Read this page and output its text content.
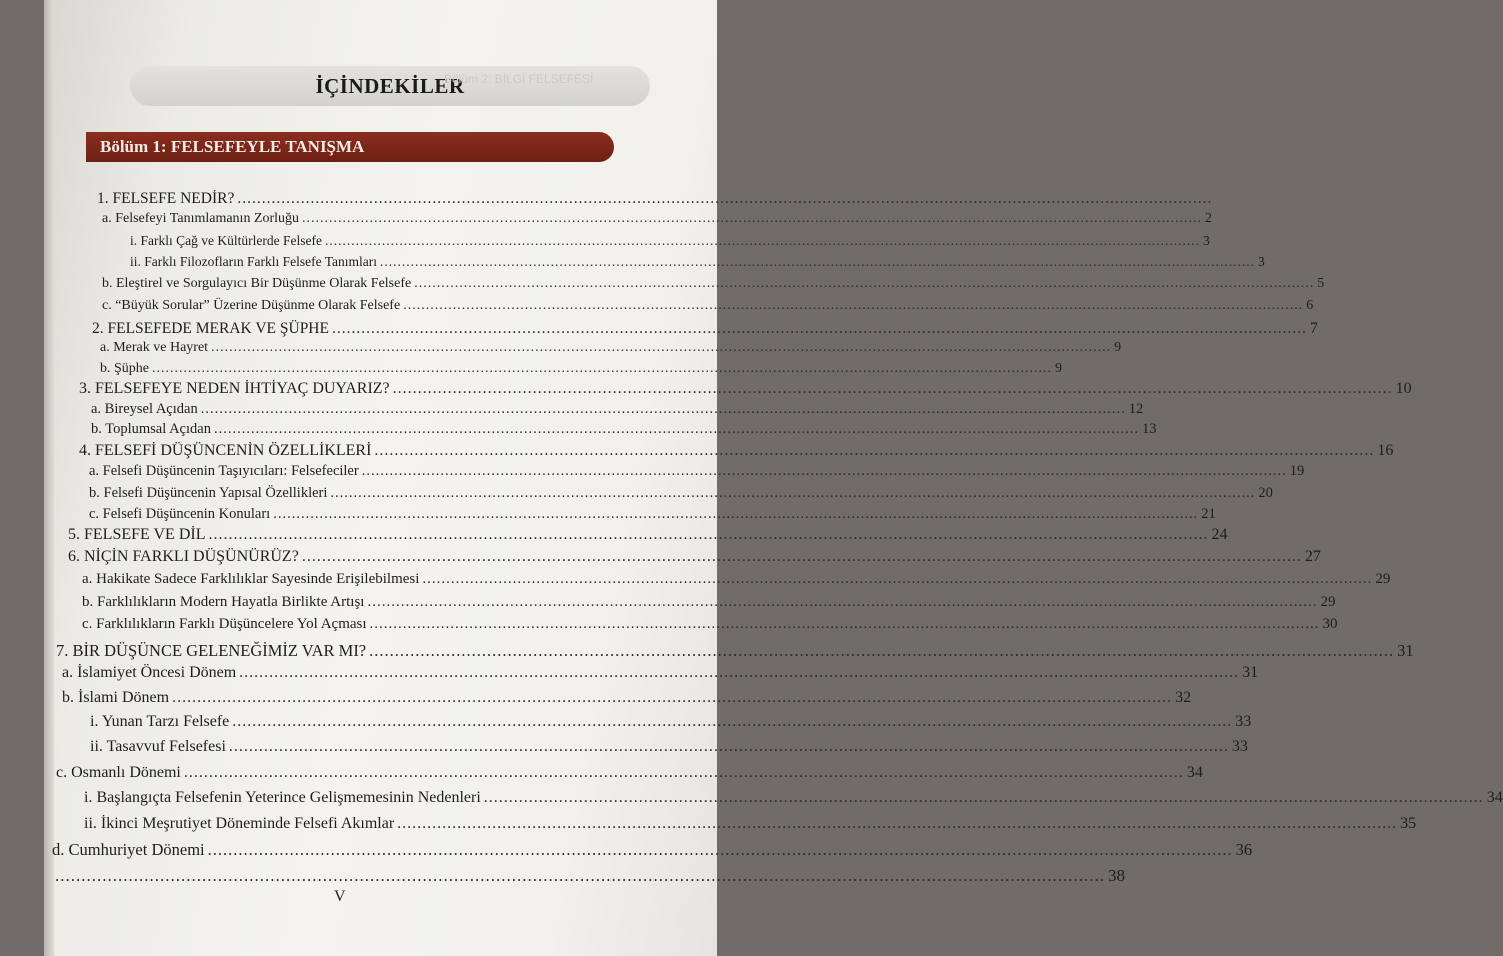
İÇİNDEKİLER
Bölüm 2: BİLGİ FELSEFESİ
Bölüm 1: FELSEFEYLE TANIŞMA
1. FELSEFE NEDİR? ........................................................................................................................................................................................................
a. Felsefeyi Tanımlamanın Zorluğu ........................................................................................................................................................................................................ 2
i. Farklı Çağ ve Kültürlerde Felsefe ........................................................................................................................................................................................................ 3
ii. Farklı Filozofların Farklı Felsefe Tanımları ........................................................................................................................................................................................................ 3
b. Eleştirel ve Sorgulayıcı Bir Düşünme Olarak Felsefe ........................................................................................................................................................................................................ 5
c. “Büyük Sorular” Üzerine Düşünme Olarak Felsefe ........................................................................................................................................................................................................ 6
2. FELSEFEDE MERAK VE ŞÜPHE ........................................................................................................................................................................................................ 7
a. Merak ve Hayret ........................................................................................................................................................................................................ 9
b. Şüphe ........................................................................................................................................................................................................ 9
3. FELSEFEYE NEDEN İHTİYAÇ DUYARIZ? ........................................................................................................................................................................................................ 10
a. Bireysel Açıdan ........................................................................................................................................................................................................ 12
b. Toplumsal Açıdan ........................................................................................................................................................................................................ 13
4. FELSEFİ DÜŞÜNCENİN ÖZELLİKLERİ ........................................................................................................................................................................................................ 16
a. Felsefi Düşüncenin Taşıyıcıları: Felsefeciler ........................................................................................................................................................................................................ 19
b. Felsefi Düşüncenin Yapısal Özellikleri ........................................................................................................................................................................................................ 20
c. Felsefi Düşüncenin Konuları ........................................................................................................................................................................................................ 21
5. FELSEFE VE DİL ........................................................................................................................................................................................................ 24
6. NİÇİN FARKLI DÜŞÜNÜRÜZ? ........................................................................................................................................................................................................ 27
a. Hakikate Sadece Farklılıklar Sayesinde Erişilebilmesi ........................................................................................................................................................................................................ 29
b. Farklılıkların Modern Hayatla Birlikte Artışı ........................................................................................................................................................................................................ 29
c. Farklılıkların Farklı Düşüncelere Yol Açması ........................................................................................................................................................................................................ 30
7. BİR DÜŞÜNCE GELENEĞİMİZ VAR MI? ........................................................................................................................................................................................................ 31
a. İslamiyet Öncesi Dönem ........................................................................................................................................................................................................ 31
b. İslami Dönem ........................................................................................................................................................................................................ 32
i. Yunan Tarzı Felsefe ........................................................................................................................................................................................................ 33
ii. Tasavvuf Felsefesi ........................................................................................................................................................................................................ 33
c. Osmanlı Dönemi ........................................................................................................................................................................................................ 34
i. Başlangıçta Felsefenin Yeterince Gelişmemesinin Nedenleri ........................................................................................................................................................................................................ 34
ii. İkinci Meşrutiyet Döneminde Felsefi Akımlar ........................................................................................................................................................................................................ 35
d. Cumhuriyet Dönemi ........................................................................................................................................................................................................ 36
........................................................................................................................................................................................................ 38
V
